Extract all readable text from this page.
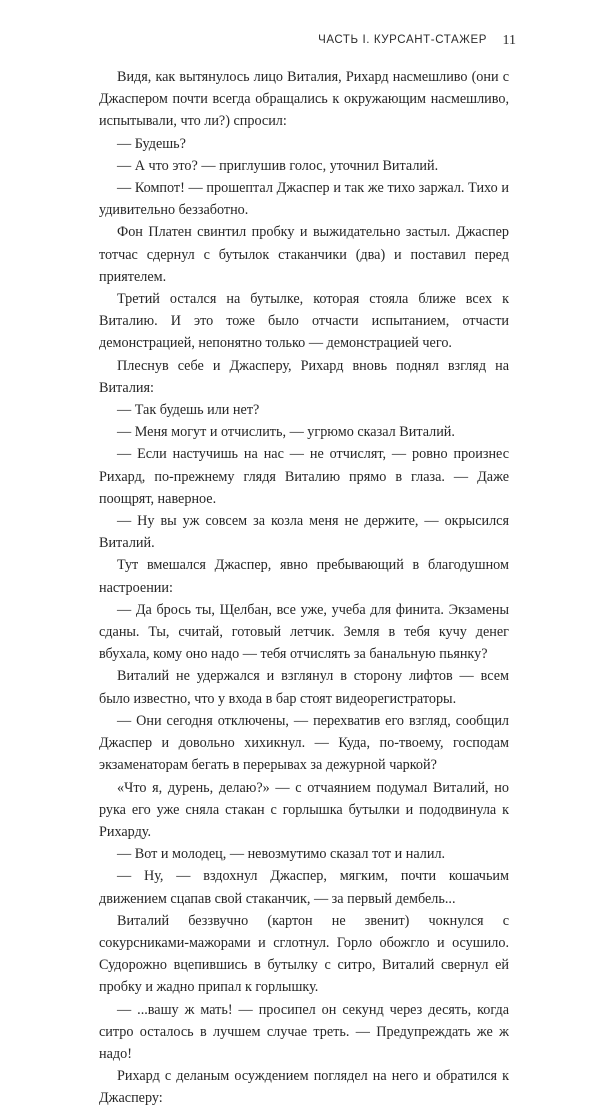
ЧАСТЬ I. КУРСАНТ-СТАЖЕР 11

Видя, как вытянулось лицо Виталия, Рихард насмешливо (они с Джаспером почти всегда обращались к окружающим насмешливо, испытывали, что ли?) спросил:

— Будешь?

— А что это? — приглушив голос, уточнил Виталий.

— Компот! — прошептал Джаспер и так же тихо заржал. Тихо и удивительно беззаботно.

Фон Платен свинтил пробку и выжидательно застыл. Джаспер тотчас сдернул с бутылок стаканчики (два) и поставил перед приятелем.

Третий остался на бутылке, которая стояла ближе всех к Виталию. И это тоже было отчасти испытанием, отчасти демонстрацией, непонятно только — демонстрацией чего.

Плеснув себе и Джасперу, Рихард вновь поднял взгляд на Виталия:

— Так будешь или нет?

— Меня могут и отчислить, — угрюмо сказал Виталий.

— Если настучишь на нас — не отчислят, — ровно произнес Рихард, по-прежнему глядя Виталию прямо в глаза. — Даже поощрят, наверное.

— Ну вы уж совсем за козла меня не держите, — окрысился Виталий.

Тут вмешался Джаспер, явно пребывающий в благодушном настроении:

— Да брось ты, Щелбан, все уже, учеба для финита. Экзамены сданы. Ты, считай, готовый летчик. Земля в тебя кучу денег вбухала, кому оно надо — тебя отчислять за банальную пьянку?

Виталий не удержался и взглянул в сторону лифтов — всем было известно, что у входа в бар стоят видеорегистраторы.

— Они сегодня отключены, — перехватив его взгляд, сообщил Джаспер и довольно хихикнул. — Куда, по-твоему, господам экзаменаторам бегать в перерывах за дежурной чаркой?

«Что я, дурень, делаю?» — с отчаянием подумал Виталий, но рука его уже сняла стакан с горлышка бутылки и пододвинула к Рихарду.

— Вот и молодец, — невозмутимо сказал тот и налил.

— Ну, — вздохнул Джаспер, мягким, почти кошачьим движением сцапав свой стаканчик, — за первый дембель...

Виталий беззвучно (картон не звенит) чокнулся с сокурсниками-мажорами и сглотнул. Горло обожгло и осушило. Судорожно вцепившись в бутылку с ситро, Виталий свернул ей пробку и жадно припал к горлышку.

— ...вашу ж мать! — просипел он секунд через десять, когда ситро осталось в лучшем случае треть. — Предупреждать же ж надо!

Рихард с деланым осуждением поглядел на него и обратился к Джасперу:
